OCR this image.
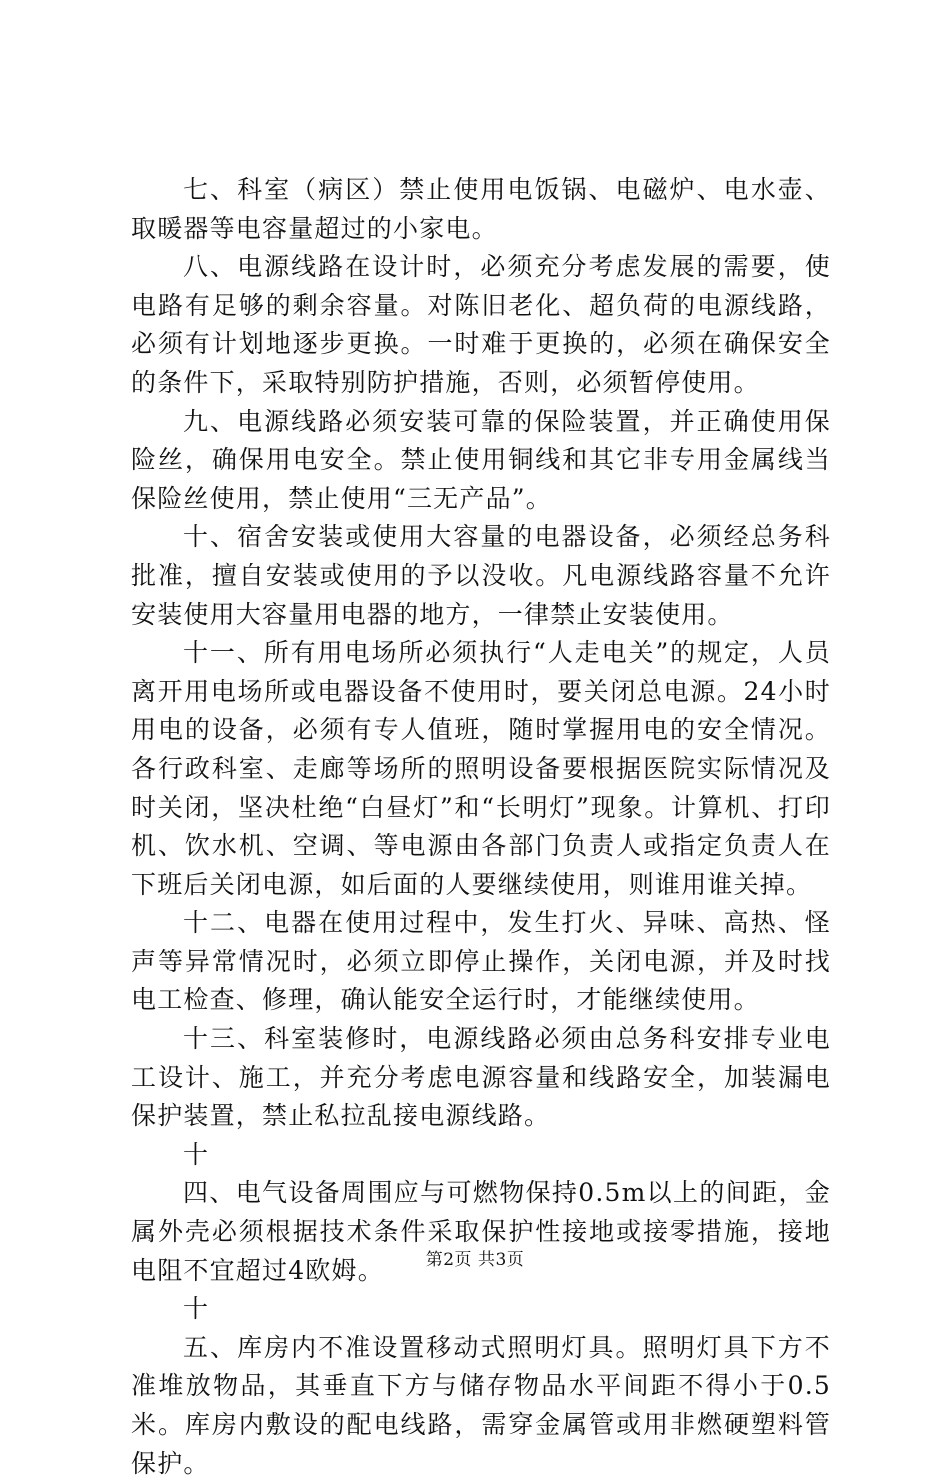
七、科室（病区）禁止使用电饭锅、电磁炉、电水壶、取暖器等电容量超过的小家电。

八、电源线路在设计时，必须充分考虑发展的需要，使电路有足够的剩余容量。对陈旧老化、超负荷的电源线路，必须有计划地逐步更换。一时难于更换的，必须在确保安全的条件下，采取特别防护措施，否则，必须暂停使用。

九、电源线路必须安装可靠的保险装置，并正确使用保险丝，确保用电安全。禁止使用铜线和其它非专用金属线当保险丝使用，禁止使用“三无产品”。

十、宿舍安装或使用大容量的电器设备，必须经总务科批准，擅自安装或使用的予以没收。凡电源线路容量不允许安装使用大容量用电器的地方，一律禁止安装使用。

十一、所有用电场所必须执行“人走电关”的规定，人员离开用电场所或电器设备不使用时，要关闭总电源。24小时用电的设备，必须有专人值班，随时掌握用电的安全情况。各行政科室、走廊等场所的照明设备要根据医院实际情况及时关闭，坚决杜绝“白昼灯”和“长明灯”现象。计算机、打印机、饮水机、空调、等电源由各部门负责人或指定负责人在下班后关闭电源，如后面的人要继续使用，则谁用谁关掉。

十二、电器在使用过程中，发生打火、异味、高热、怪声等异常情况时，必须立即停止操作，关闭电源，并及时找电工检查、修理，确认能安全运行时，才能继续使用。

十三、科室装修时，电源线路必须由总务科安排专业电工设计、施工，并充分考虑电源容量和线路安全，加装漏电保护装置，禁止私拉乱接电源线路。

十

四、电气设备周围应与可燃物保持0.5m以上的间距，金属外壳必须根据技术条件采取保护性接地或接零措施，接地电阻不宜超过4欧姆。

十

五、库房内不准设置移动式照明灯具。照明灯具下方不准堆放物品，其垂直下方与储存物品水平间距不得小于0.5米。库房内敷设的配电线路，需穿金属管或用非燃硬塑料管保护。

第2页 共3页
